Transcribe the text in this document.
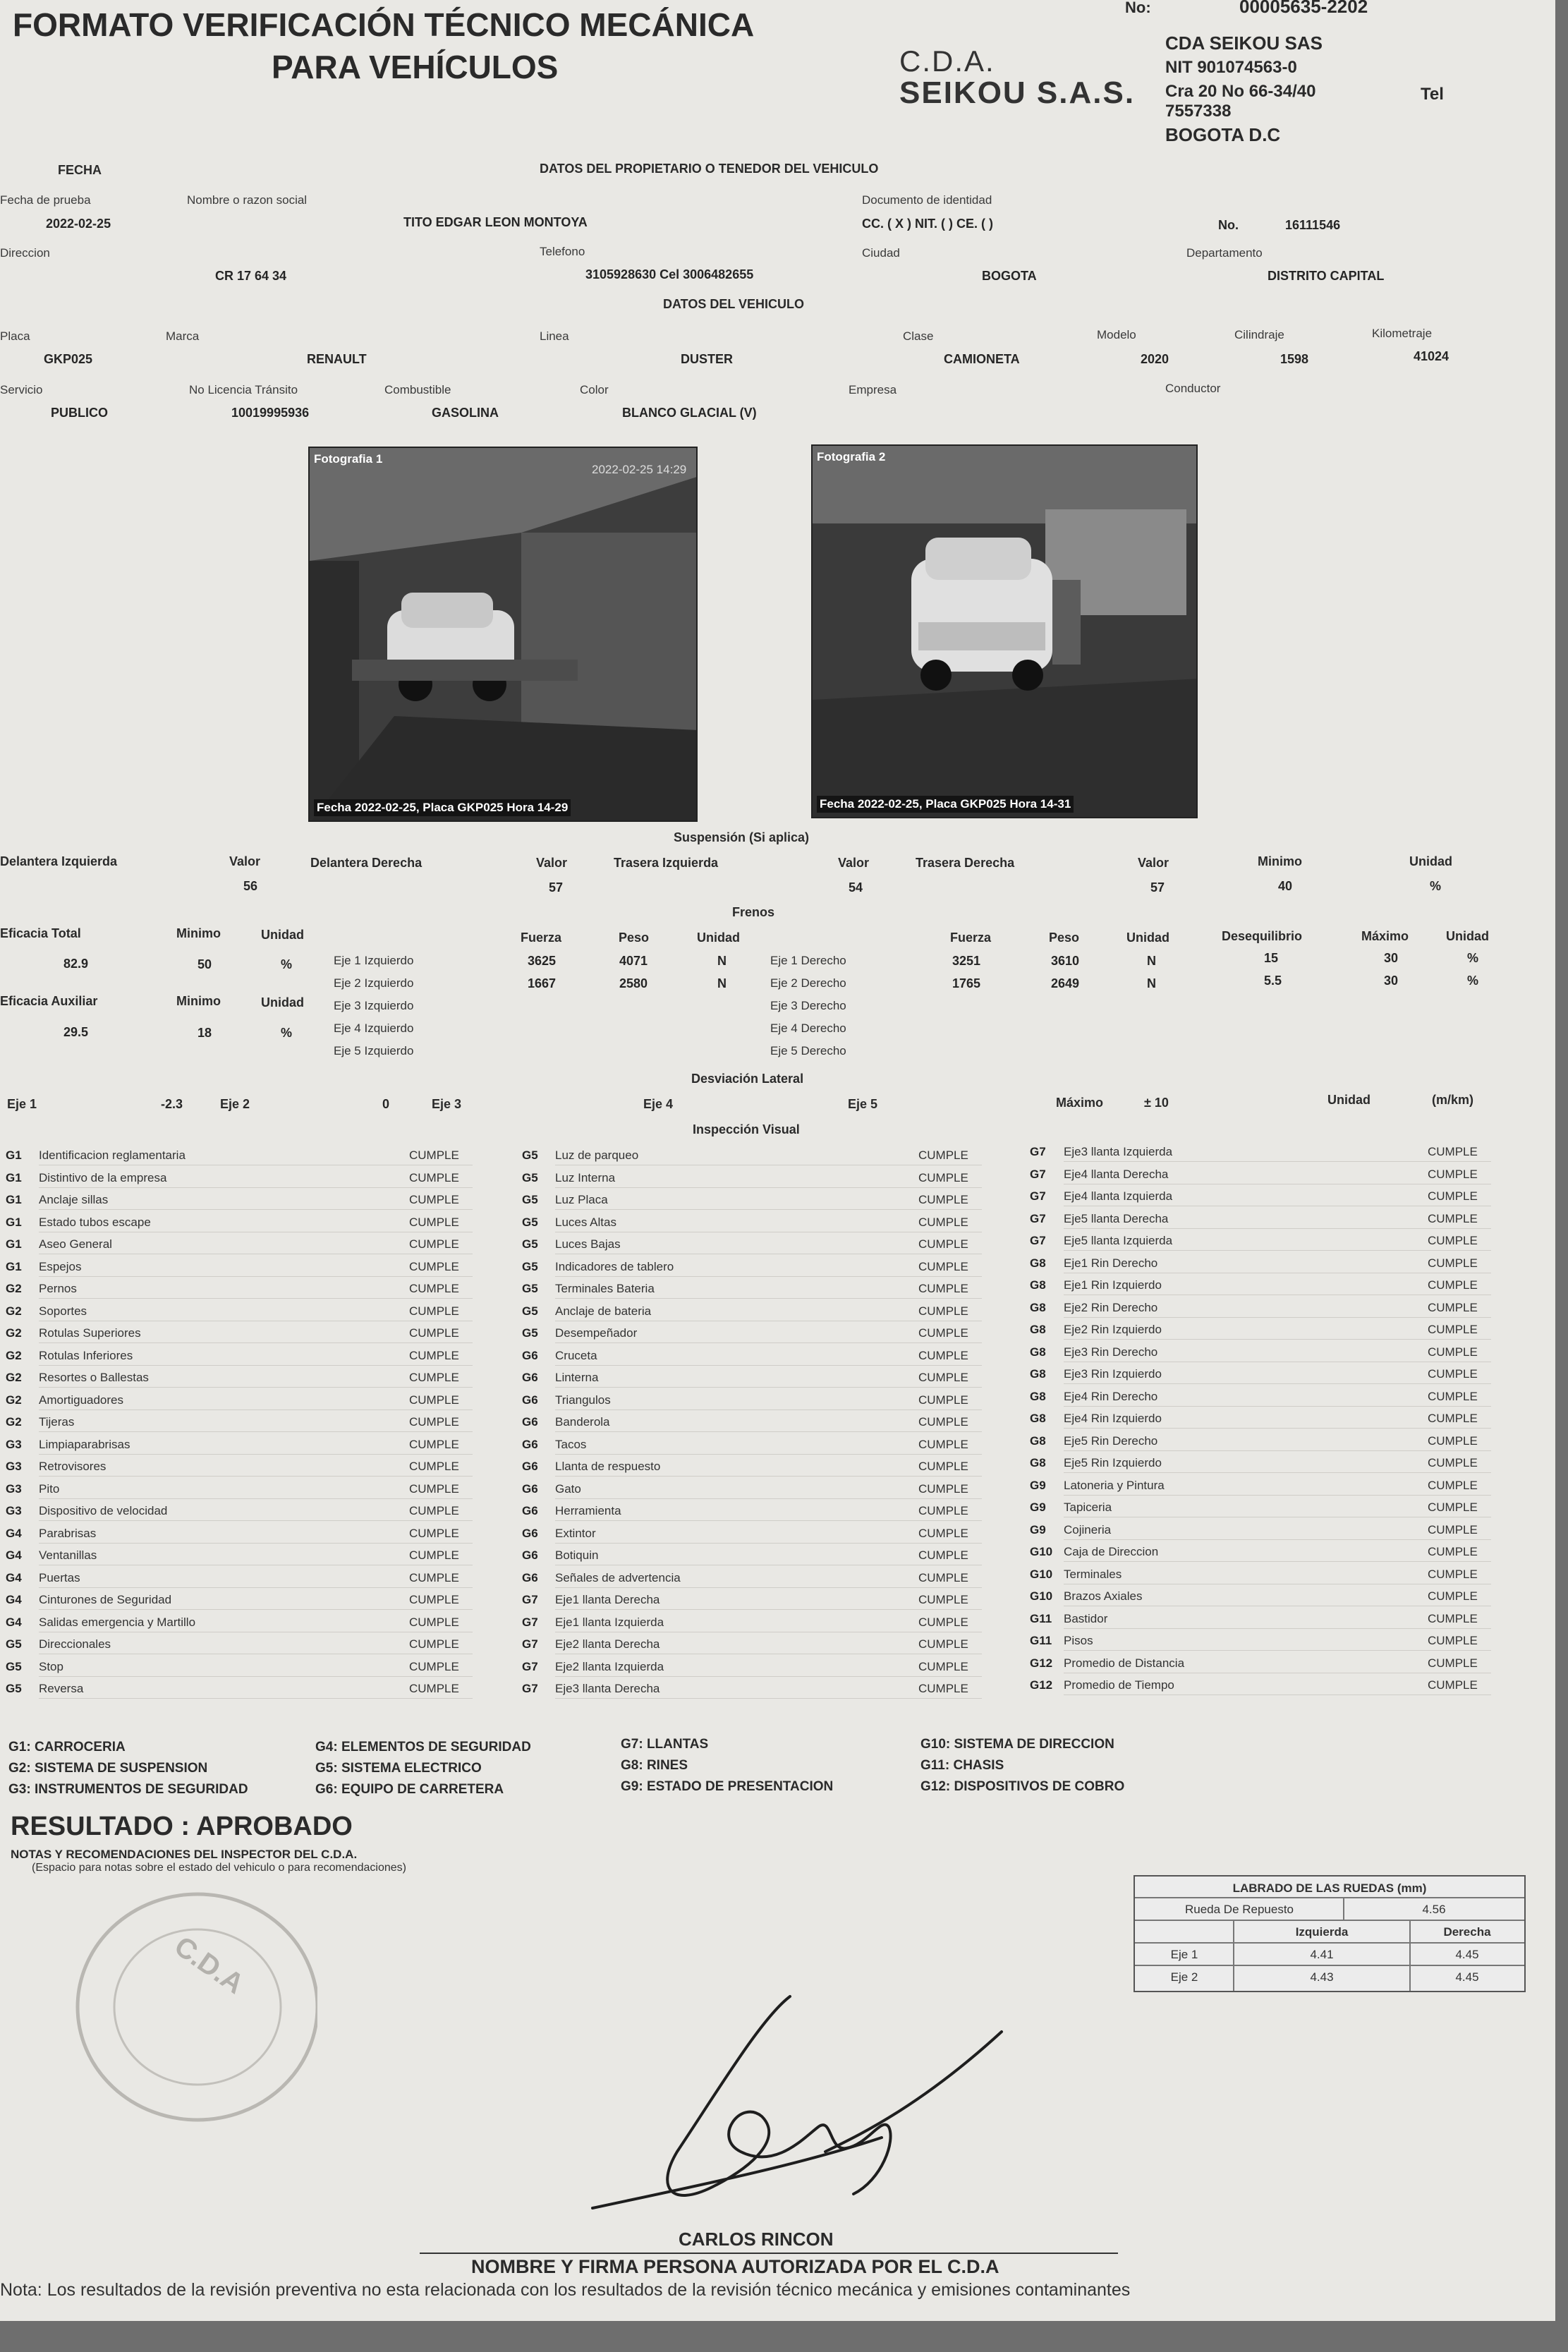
FORMATO VERIFICACIÓN TÉCNICO MECÁNICA
PARA VEHÍCULOS
No:	00005635-2202
C.D.A.
SEIKOU S.A.S.
CDA SEIKOU SAS
NIT 901074563-0
Cra 20 No 66-34/40	Tel
7557338
BOGOTA D.C
FECHA	DATOS DEL PROPIETARIO O TENEDOR DEL VEHICULO
Fecha de prueba	Nombre o razon social	Documento de identidad
2022-02-25	TITO EDGAR LEON MONTOYA	CC. ( X ) NIT. ( ) CE. ( )	No.	16111546
Direccion	Telefono	Ciudad	Departamento
CR 17 64 34	3105928630 Cel 3006482655	BOGOTA	DISTRITO CAPITAL
DATOS DEL VEHICULO
Placa	Marca	Linea	Clase	Modelo	Cilindraje	Kilometraje
GKP025	RENAULT	DUSTER	CAMIONETA	2020	1598	41024
Servicio	No Licencia Tránsito	Combustible	Color	Empresa	Conductor
PUBLICO	10019995936	GASOLINA	BLANCO GLACIAL (V)
Fotografia 1
2022-02-25 14:29
Fecha 2022-02-25, Placa GKP025 Hora 14-29
Fotografia 2
Fecha 2022-02-25, Placa GKP025 Hora 14-31
Suspensión (Si aplica)
Delantera Izquierda	Valor	Delantera Derecha	Valor	Trasera Izquierda	Valor	Trasera Derecha	Valor	Minimo	Unidad
56	57	54	57	40	%
Frenos
Eficacia Total	Minimo	Unidad
82.9	50	%
Eficacia Auxiliar	Minimo	Unidad
29.5	18	%
Fuerza	Peso	Unidad	Fuerza	Peso	Unidad	Desequilibrio	Máximo	Unidad
Eje 1 Izquierdo	3625	4071	N
Eje 2 Izquierdo	1667	2580	N
Eje 3 Izquierdo
Eje 4 Izquierdo
Eje 5 Izquierdo
Eje 1 Derecho	3251	3610	N	15	30	%
Eje 2 Derecho	1765	2649	N	5.5	30	%
Eje 3 Derecho
Eje 4 Derecho
Eje 5 Derecho
Desviación Lateral
Eje 1	-2.3	Eje 2	0	Eje 3	Eje 4	Eje 5	Máximo	± 10	Unidad	(m/km)
Inspección Visual
G1 Identificacion reglamentaria	CUMPLE
G1 Distintivo de la empresa	CUMPLE
G1 Anclaje sillas	CUMPLE
G1 Estado tubos escape	CUMPLE
G1 Aseo General	CUMPLE
G1 Espejos	CUMPLE
G2 Pernos	CUMPLE
G2 Soportes	CUMPLE
G2 Rotulas Superiores	CUMPLE
G2 Rotulas Inferiores	CUMPLE
G2 Resortes o Ballestas	CUMPLE
G2 Amortiguadores	CUMPLE
G2 Tijeras	CUMPLE
G3 Limpiaparabrisas	CUMPLE
G3 Retrovisores	CUMPLE
G3 Pito	CUMPLE
G3 Dispositivo de velocidad	CUMPLE
G4 Parabrisas	CUMPLE
G4 Ventanillas	CUMPLE
G4 Puertas	CUMPLE
G4 Cinturones de Seguridad	CUMPLE
G4 Salidas emergencia y Martillo	CUMPLE
G5 Direccionales	CUMPLE
G5 Stop	CUMPLE
G5 Reversa	CUMPLE
G5 Luz de parqueo	CUMPLE
G5 Luz Interna	CUMPLE
G5 Luz Placa	CUMPLE
G5 Luces Altas	CUMPLE
G5 Luces Bajas	CUMPLE
G5 Indicadores de tablero	CUMPLE
G5 Terminales Bateria	CUMPLE
G5 Anclaje de bateria	CUMPLE
G5 Desempeñador	CUMPLE
G6 Cruceta	CUMPLE
G6 Linterna	CUMPLE
G6 Triangulos	CUMPLE
G6 Banderola	CUMPLE
G6 Tacos	CUMPLE
G6 Llanta de respuesto	CUMPLE
G6 Gato	CUMPLE
G6 Herramienta	CUMPLE
G6 Extintor	CUMPLE
G6 Botiquin	CUMPLE
G6 Señales de advertencia	CUMPLE
G7 Eje1 llanta Derecha	CUMPLE
G7 Eje1 llanta Izquierda	CUMPLE
G7 Eje2 llanta Derecha	CUMPLE
G7 Eje2 llanta Izquierda	CUMPLE
G7 Eje3 llanta Derecha	CUMPLE
G7 Eje3 llanta Izquierda	CUMPLE
G7 Eje4 llanta Derecha	CUMPLE
G7 Eje4 llanta Izquierda	CUMPLE
G7 Eje5 llanta Derecha	CUMPLE
G7 Eje5 llanta Izquierda	CUMPLE
G8 Eje1 Rin Derecho	CUMPLE
G8 Eje1 Rin Izquierdo	CUMPLE
G8 Eje2 Rin Derecho	CUMPLE
G8 Eje2 Rin Izquierdo	CUMPLE
G8 Eje3 Rin Derecho	CUMPLE
G8 Eje3 Rin Izquierdo	CUMPLE
G8 Eje4 Rin Derecho	CUMPLE
G8 Eje4 Rin Izquierdo	CUMPLE
G8 Eje5 Rin Derecho	CUMPLE
G8 Eje5 Rin Izquierdo	CUMPLE
G9 Latoneria y Pintura	CUMPLE
G9 Tapiceria	CUMPLE
G9 Cojineria	CUMPLE
G10 Caja de Direccion	CUMPLE
G10 Terminales	CUMPLE
G10 Brazos Axiales	CUMPLE
G11 Bastidor	CUMPLE
G11 Pisos	CUMPLE
G12 Promedio de Distancia	CUMPLE
G12 Promedio de Tiempo	CUMPLE
G1: CARROCERIA	G4: ELEMENTOS DE SEGURIDAD	G7: LLANTAS	G10: SISTEMA DE DIRECCION
G2: SISTEMA DE SUSPENSION	G5: SISTEMA ELECTRICO	G8: RINES	G11: CHASIS
G3: INSTRUMENTOS DE SEGURIDAD	G6: EQUIPO DE CARRETERA	G9: ESTADO DE PRESENTACION	G12: DISPOSITIVOS DE COBRO
RESULTADO : APROBADO
NOTAS Y RECOMENDACIONES DEL INSPECTOR DEL C.D.A.
(Espacio para notas sobre el estado del vehiculo o para recomendaciones)
C.D.A
LABRADO DE LAS RUEDAS (mm)
Rueda De Repuesto	4.56
Izquierda	Derecha
Eje 1	4.41	4.45
Eje 2	4.43	4.45
CARLOS RINCON
NOMBRE Y FIRMA PERSONA AUTORIZADA POR EL C.D.A
Nota: Los resultados de la revisión preventiva no esta relacionada con los resultados de la revisión técnico mecánica y emisiones contaminantes
